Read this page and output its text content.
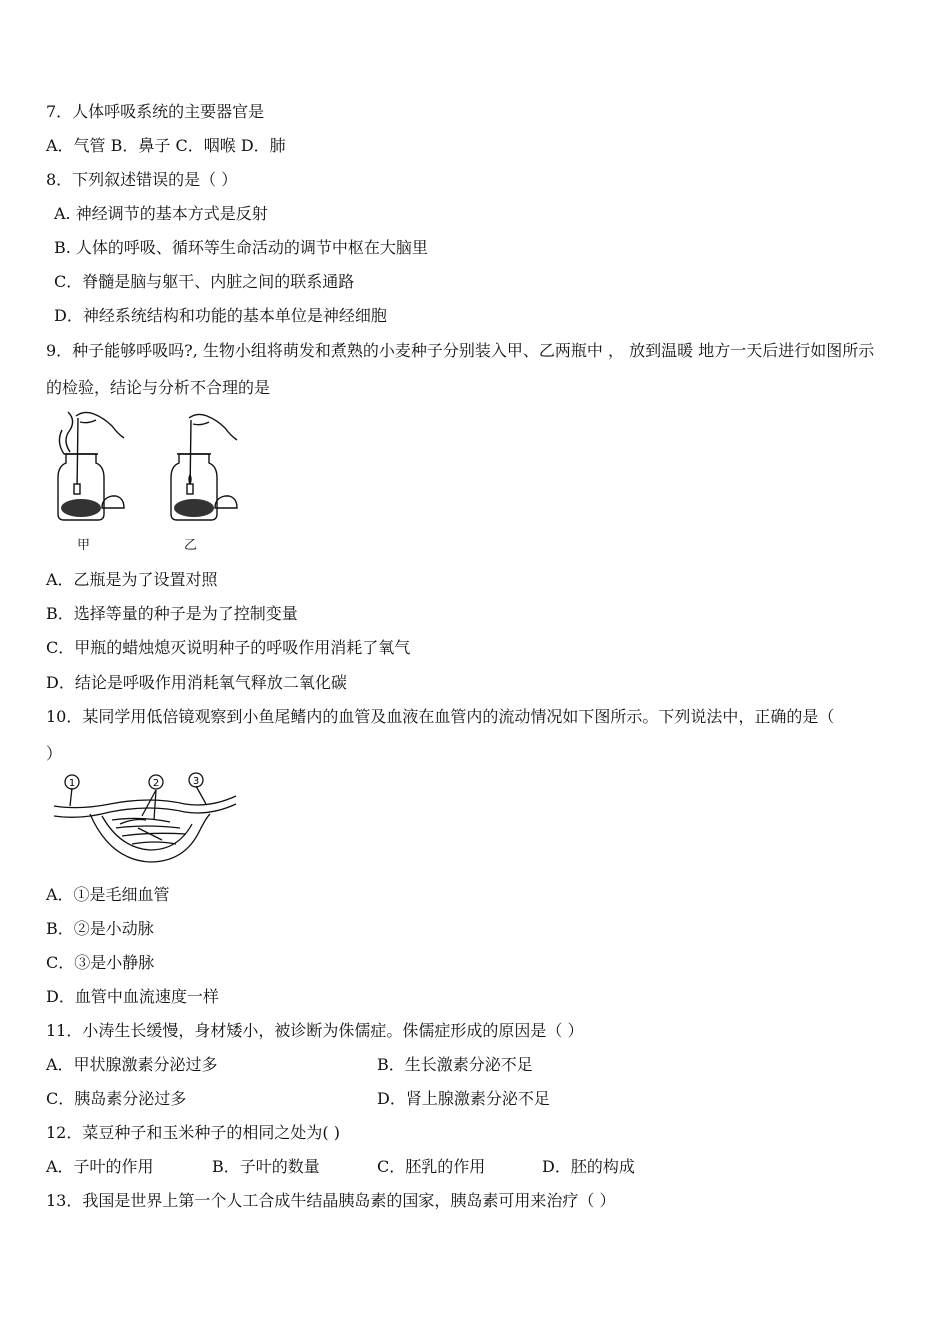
7．人体呼吸系统的主要器官是
A．气管 B．鼻子 C．咽喉 D．肺
8．下列叙述错误的是（ ）
A. 神经调节的基本方式是反射
B. 人体的呼吸、循环等生命活动的调节中枢在大脑里
C．脊髓是脑与躯干、内脏之间的联系通路
D．神经系统结构和功能的基本单位是神经细胞
9．种子能够呼吸吗?, 生物小组将萌发和煮熟的小麦种子分别装入甲、乙两瓶中 ， 放到温暖 地方一天后进行如图所示
的检验，结论与分析不合理的是
甲	乙
A．乙瓶是为了设置对照
B．选择等量的种子是为了控制变量
C．甲瓶的蜡烛熄灭说明种子的呼吸作用消耗了氧气
D．结论是呼吸作用消耗氧气释放二氧化碳
10．某同学用低倍镜观察到小鱼尾鳍内的血管及血液在血管内的流动情况如下图所示。下列说法中，正确的是（
）
1	2	3
A．①是毛细血管
B．②是小动脉
C．③是小静脉
D．血管中血流速度一样
11．小涛生长缓慢，身材矮小，被诊断为侏儒症。侏儒症形成的原因是（ ）
A．甲状腺激素分泌过多	B．生长激素分泌不足
C．胰岛素分泌过多	D．肾上腺激素分泌不足
12．菜豆种子和玉米种子的相同之处为( )
A．子叶的作用	B．子叶的数量	C．胚乳的作用	D．胚的构成
13．我国是世界上第一个人工合成牛结晶胰岛素的国家，胰岛素可用来治疗（ ）
